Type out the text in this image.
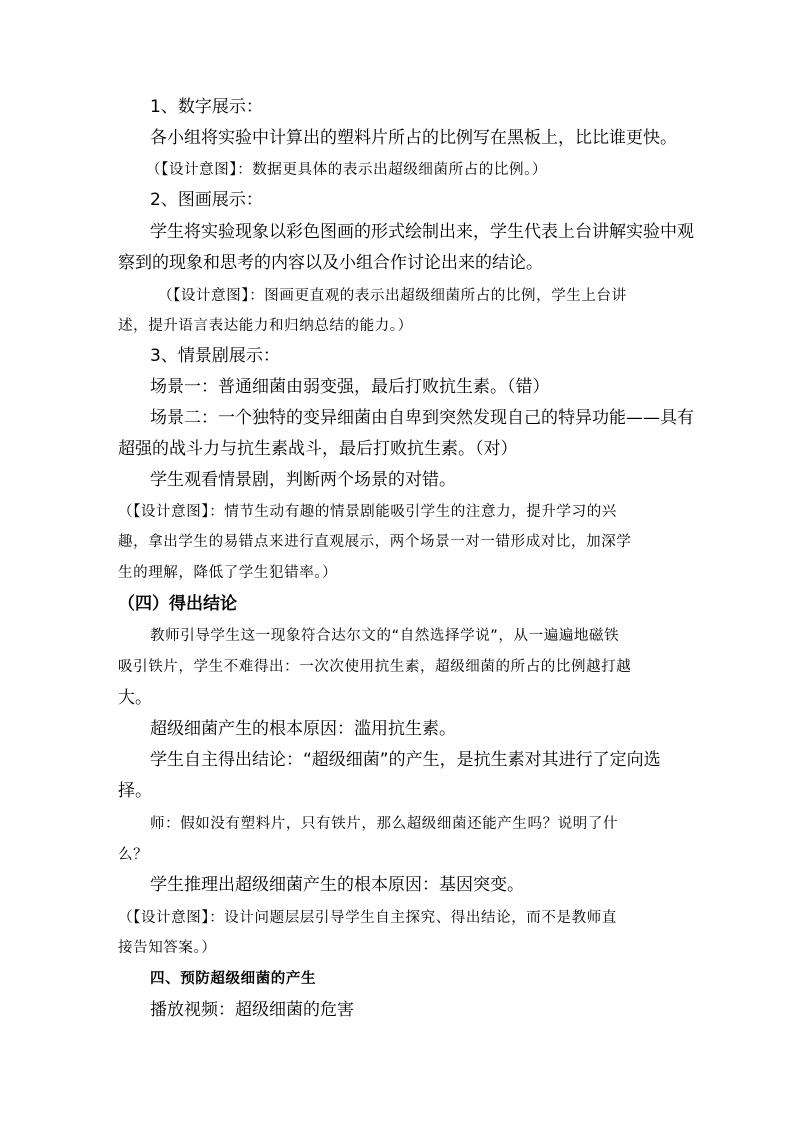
1、数字展示：
各小组将实验中计算出的塑料片所占的比例写在黑板上，比比谁更快。
（【设计意图】：数据更具体的表示出超级细菌所占的比例。）
2、图画展示：
学生将实验现象以彩色图画的形式绘制出来，学生代表上台讲解实验中观
察到的现象和思考的内容以及小组合作讨论出来的结论。
（【设计意图】：图画更直观的表示出超级细菌所占的比例，学生上台讲
述，提升语言表达能力和归纳总结的能力。）
3、情景剧展示：
场景一：普通细菌由弱变强，最后打败抗生素。（错）
场景二：一个独特的变异细菌由自卑到突然发现自己的特异功能——具有
超强的战斗力与抗生素战斗，最后打败抗生素。（对）
学生观看情景剧，判断两个场景的对错。
（【设计意图】：情节生动有趣的情景剧能吸引学生的注意力，提升学习的兴
趣，拿出学生的易错点来进行直观展示，两个场景一对一错形成对比，加深学
生的理解，降低了学生犯错率。）
（四）得出结论
教师引导学生这一现象符合达尔文的“自然选择学说”，从一遍遍地磁铁
吸引铁片，学生不难得出：一次次使用抗生素，超级细菌的所占的比例越打越
大。
超级细菌产生的根本原因：滥用抗生素。
学生自主得出结论：“超级细菌”的产生，是抗生素对其进行了定向选
择。
师：假如没有塑料片，只有铁片，那么超级细菌还能产生吗？说明了什
么？
学生推理出超级细菌产生的根本原因：基因突变。
（【设计意图】：设计问题层层引导学生自主探究、得出结论，而不是教师直
接告知答案。）
四、预防超级细菌的产生
播放视频：超级细菌的危害
